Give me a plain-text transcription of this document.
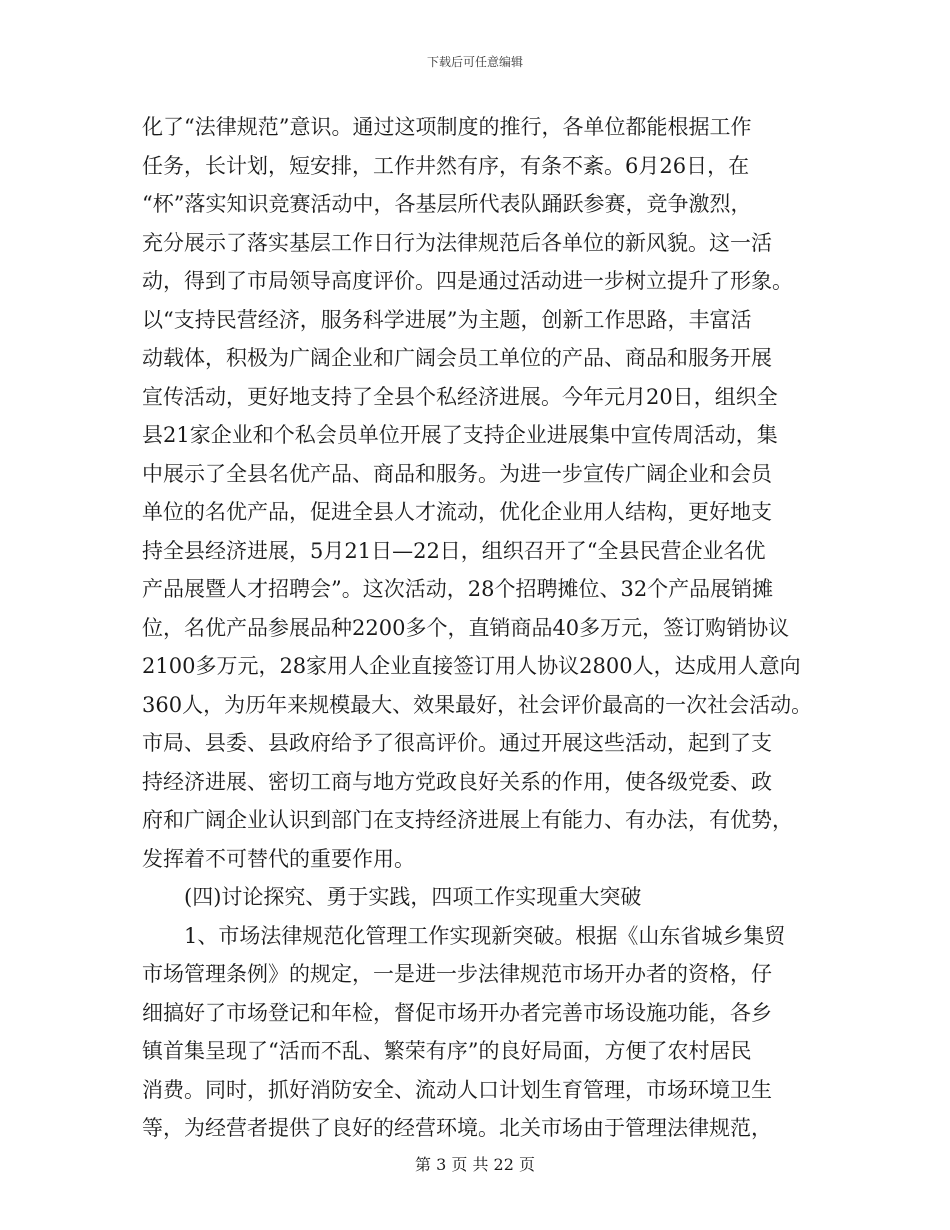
下载后可任意编辑
化了“法律规范”意识。通过这项制度的推行，各单位都能根据工作
任务，长计划，短安排，工作井然有序，有条不紊。6月26日，在
“杯”落实知识竞赛活动中，各基层所代表队踊跃参赛，竞争激烈，
充分展示了落实基层工作日行为法律规范后各单位的新风貌。这一活
动，得到了市局领导高度评价。四是通过活动进一步树立提升了形象。
以“支持民营经济，服务科学进展”为主题，创新工作思路，丰富活
动载体，积极为广阔企业和广阔会员工单位的产品、商品和服务开展
宣传活动，更好地支持了全县个私经济进展。今年元月20日，组织全
县21家企业和个私会员单位开展了支持企业进展集中宣传周活动，集
中展示了全县名优产品、商品和服务。为进一步宣传广阔企业和会员
单位的名优产品，促进全县人才流动，优化企业用人结构，更好地支
持全县经济进展，5月21日—22日，组织召开了“全县民营企业名优
产品展暨人才招聘会”。这次活动，28个招聘摊位、32个产品展销摊
位，名优产品参展品种2200多个，直销商品40多万元，签订购销协议
2100多万元，28家用人企业直接签订用人协议2800人，达成用人意向
360人，为历年来规模最大、效果最好，社会评价最高的一次社会活动。
市局、县委、县政府给予了很高评价。通过开展这些活动，起到了支
持经济进展、密切工商与地方党政良好关系的作用，使各级党委、政
府和广阔企业认识到部门在支持经济进展上有能力、有办法，有优势，
发挥着不可替代的重要作用。
(四)讨论探究、勇于实践，四项工作实现重大突破
1、市场法律规范化管理工作实现新突破。根据《山东省城乡集贸
市场管理条例》的规定，一是进一步法律规范市场开办者的资格，仔
细搞好了市场登记和年检，督促市场开办者完善市场设施功能，各乡
镇首集呈现了“活而不乱、繁荣有序”的良好局面，方便了农村居民
消费。同时，抓好消防安全、流动人口计划生育管理，市场环境卫生
等，为经营者提供了良好的经营环境。北关市场由于管理法律规范，
第 3 页 共 22 页
